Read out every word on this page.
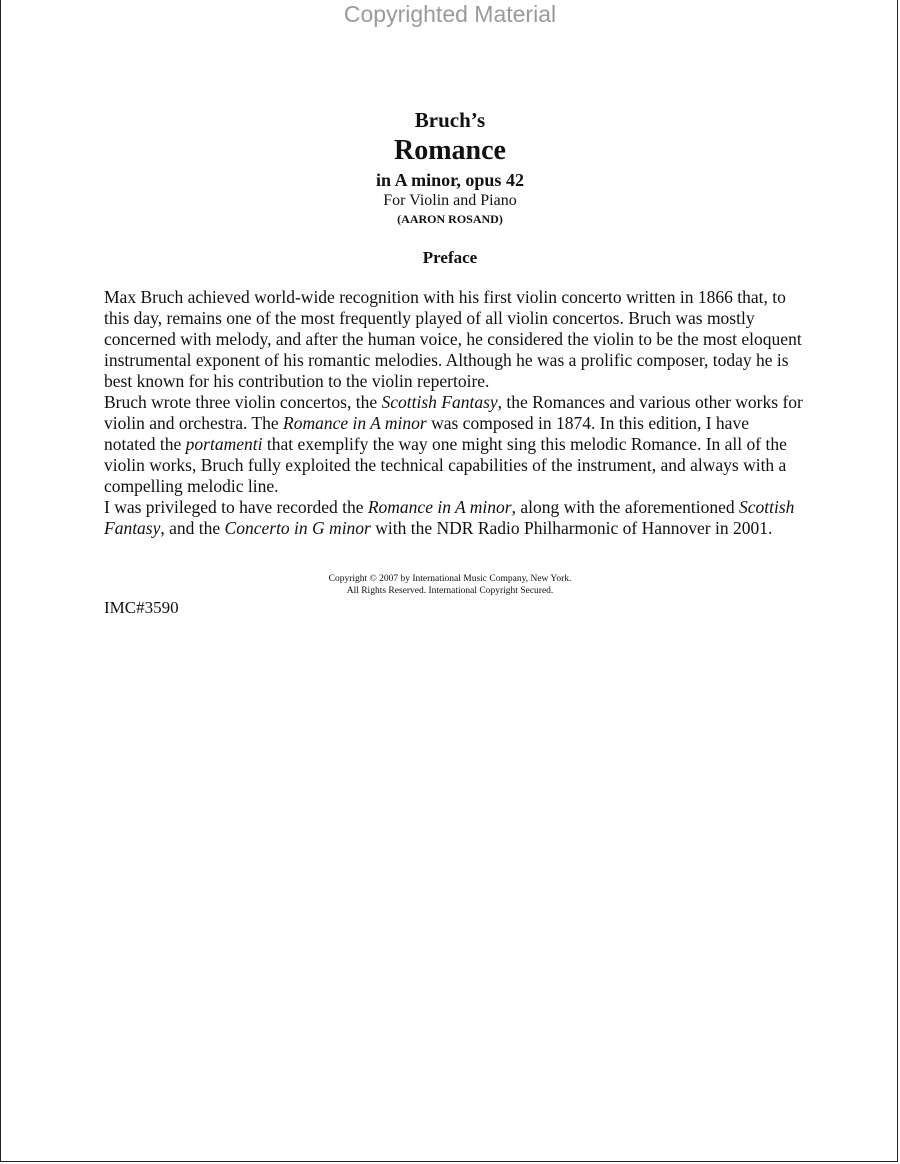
Copyrighted Material
Bruch’s
Romance
in A minor, opus 42
For Violin and Piano
(AARON ROSAND)
Preface

Max Bruch achieved world-wide recognition with his first violin concerto written in 1866 that, to this day, remains one of the most frequently played of all violin concertos. Bruch was mostly concerned with melody, and after the human voice, he considered the violin to be the most eloquent instrumental exponent of his romantic melodies. Although he was a prolific composer, today he is best known for his contribution to the violin repertoire.

Bruch wrote three violin concertos, the Scottish Fantasy, the Romances and various other works for violin and orchestra. The Romance in A minor was composed in 1874. In this edition, I have notated the portamenti that exemplify the way one might sing this melodic Romance. In all of the violin works, Bruch fully exploited the technical capabilities of the instrument, and always with a compelling melodic line.

I was privileged to have recorded the Romance in A minor, along with the aforementioned Scottish Fantasy, and the Concerto in G minor with the NDR Radio Philharmonic of Hannover in 2001.

Copyright © 2007 by International Music Company, New York.
All Rights Reserved. International Copyright Secured.
IMC#3590
